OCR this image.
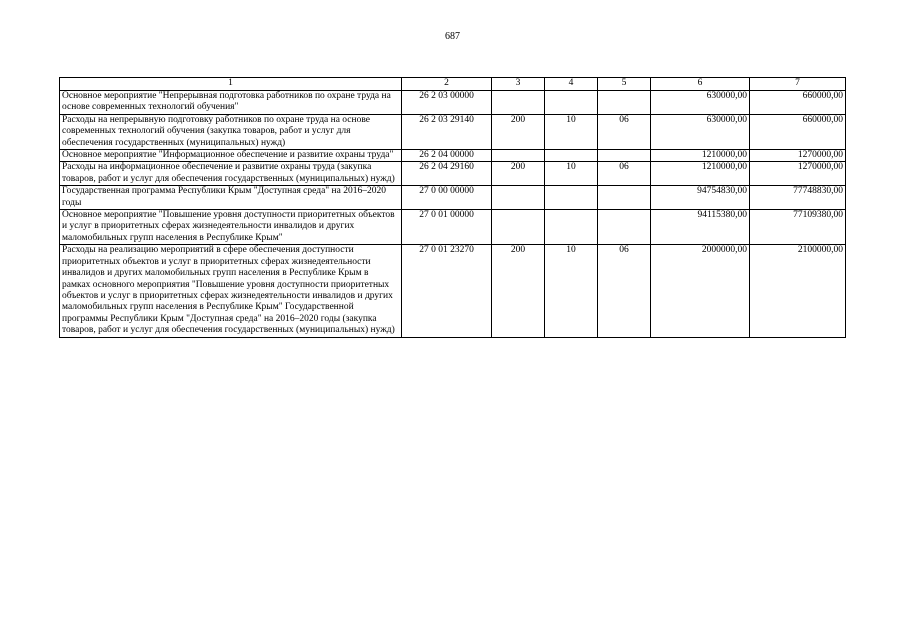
687
1	2	3	4	5	6	7
Основное мероприятие "Непрерывная подготовка работников по охране труда на основе современных технологий обучения"	26 2 03 00000				630000,00	660000,00
Расходы на непрерывную подготовку работников по охране труда на основе современных технологий обучения (закупка товаров, работ и услуг для обеспечения государственных (муниципальных) нужд)	26 2 03 29140	200	10	06	630000,00	660000,00
Основное мероприятие "Информационное обеспечение и развитие охраны труда"	26 2 04 00000				1210000,00	1270000,00
Расходы на информационное обеспечение и развитие охраны труда (закупка товаров, работ и услуг для обеспечения государственных (муниципальных) нужд)	26 2 04 29160	200	10	06	1210000,00	1270000,00
Государственная программа Республики Крым "Доступная среда" на 2016–2020 годы	27 0 00 00000				94754830,00	77748830,00
Основное мероприятие "Повышение уровня доступности приоритетных объектов и услуг в приоритетных сферах жизнедеятельности инвалидов и других маломобильных групп населения в Республике Крым"	27 0 01 00000				94115380,00	77109380,00
Расходы на реализацию мероприятий в сфере обеспечения доступности приоритетных объектов и услуг в приоритетных сферах жизнедеятельности инвалидов и других маломобильных групп населения в Республике Крым в рамках основного мероприятия "Повышение уровня доступности приоритетных объектов и услуг в приоритетных сферах жизнедеятельности инвалидов и других маломобильных групп населения в Республике Крым" Государственной программы Республики Крым "Доступная среда" на 2016–2020 годы (закупка товаров, работ и услуг для обеспечения государственных (муниципальных) нужд)	27 0 01 23270	200	10	06	2000000,00	2100000,00
